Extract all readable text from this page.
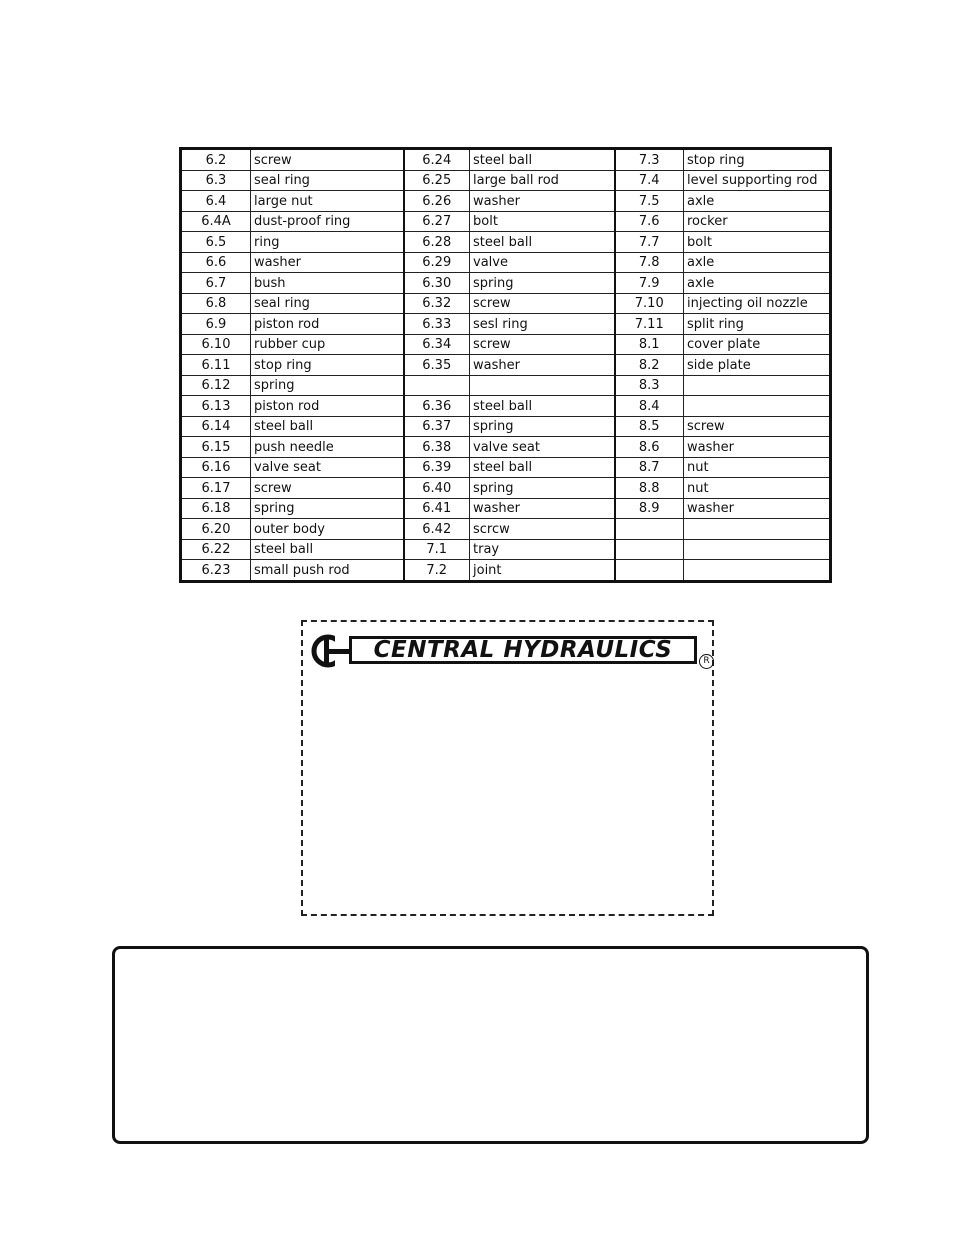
6.2	screw	6.24	steel ball	7.3	stop ring
6.3	seal ring	6.25	large ball rod	7.4	level supporting rod
6.4	large nut	6.26	washer	7.5	axle
6.4A	dust-proof ring	6.27	bolt	7.6	rocker
6.5	ring	6.28	steel ball	7.7	bolt
6.6	washer	6.29	valve	7.8	axle
6.7	bush	6.30	spring	7.9	axle
6.8	seal ring	6.32	screw	7.10	injecting oil nozzle
6.9	piston rod	6.33	sesl ring	7.11	split ring
6.10	rubber cup	6.34	screw	8.1	cover plate
6.11	stop ring	6.35	washer	8.2	side plate
6.12	spring			8.3	
6.13	piston rod	6.36	steel ball	8.4	
6.14	steel ball	6.37	spring	8.5	screw
6.15	push needle	6.38	valve seat	8.6	washer
6.16	valve seat	6.39	steel ball	8.7	nut
6.17	screw	6.40	spring	8.8	nut
6.18	spring	6.41	washer	8.9	washer
6.20	outer body	6.42	scrcw		
6.22	steel ball	7.1	tray		
6.23	small push rod	7.2	joint		
CENTRAL HYDRAULICS	R
